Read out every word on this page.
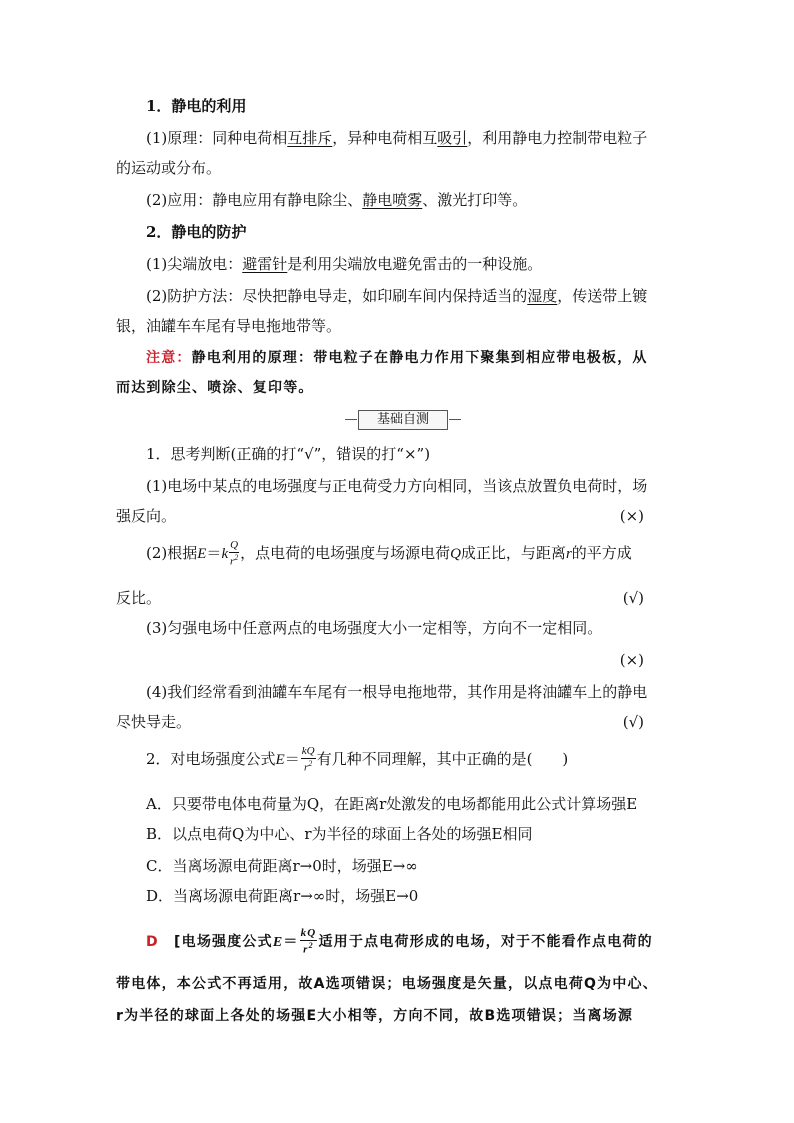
1．静电的利用
(1)原理：同种电荷相互排斥，异种电荷相互吸引，利用静电力控制带电粒子
的运动或分布。
(2)应用：静电应用有静电除尘、静电喷雾、激光打印等。
2．静电的防护
(1)尖端放电：避雷针是利用尖端放电避免雷击的一种设施。
(2)防护方法：尽快把静电导走，如印刷车间内保持适当的湿度，传送带上镀
银，油罐车车尾有导电拖地带等。
注意：静电利用的原理：带电粒子在静电力作用下聚集到相应带电极板，从
而达到除尘、喷涂、复印等。
基础自测
1．思考判断(正确的打“√”，错误的打“×”)
(1)电场中某点的电场强度与正电荷受力方向相同，当该点放置负电荷时，场
强反向。	(×)
(2)根据$E=k \frac{Q}{r^2}$ ，点电荷的电场强度与场源电荷Q成正比，与距离r的平方成
反比。	(√)
(3)匀强电场中任意两点的电场强度大小一定相等，方向不一定相同。
(×)
(4)我们经常看到油罐车车尾有一根导电拖地带，其作用是将油罐车上的静电
尽快导走。	(√)
2．对电场强度公式$E= \frac{kQ}{r^2}$ 有几种不同理解，其中正确的是(　　)
A．只要带电体电荷量为Q，在距离r处激发的电场都能用此公式计算场强E
B．以点电荷Q为中心、r为半径的球面上各处的场强E相同
C．当离场源电荷距离r→0时，场强E→∞
D．当离场源电荷距离r→∞时，场强E→0
D　 [电场强度公式$E= \frac{kQ}{r^2}$ 适用于点电荷形成的电场，对于不能看作点电荷的
带电体，本公式不再适用，故A选项错误；电场强度是矢量，以点电荷Q为中心、
r为半径的球面上各处的场强E大小相等，方向不同，故B选项错误；当离场源
